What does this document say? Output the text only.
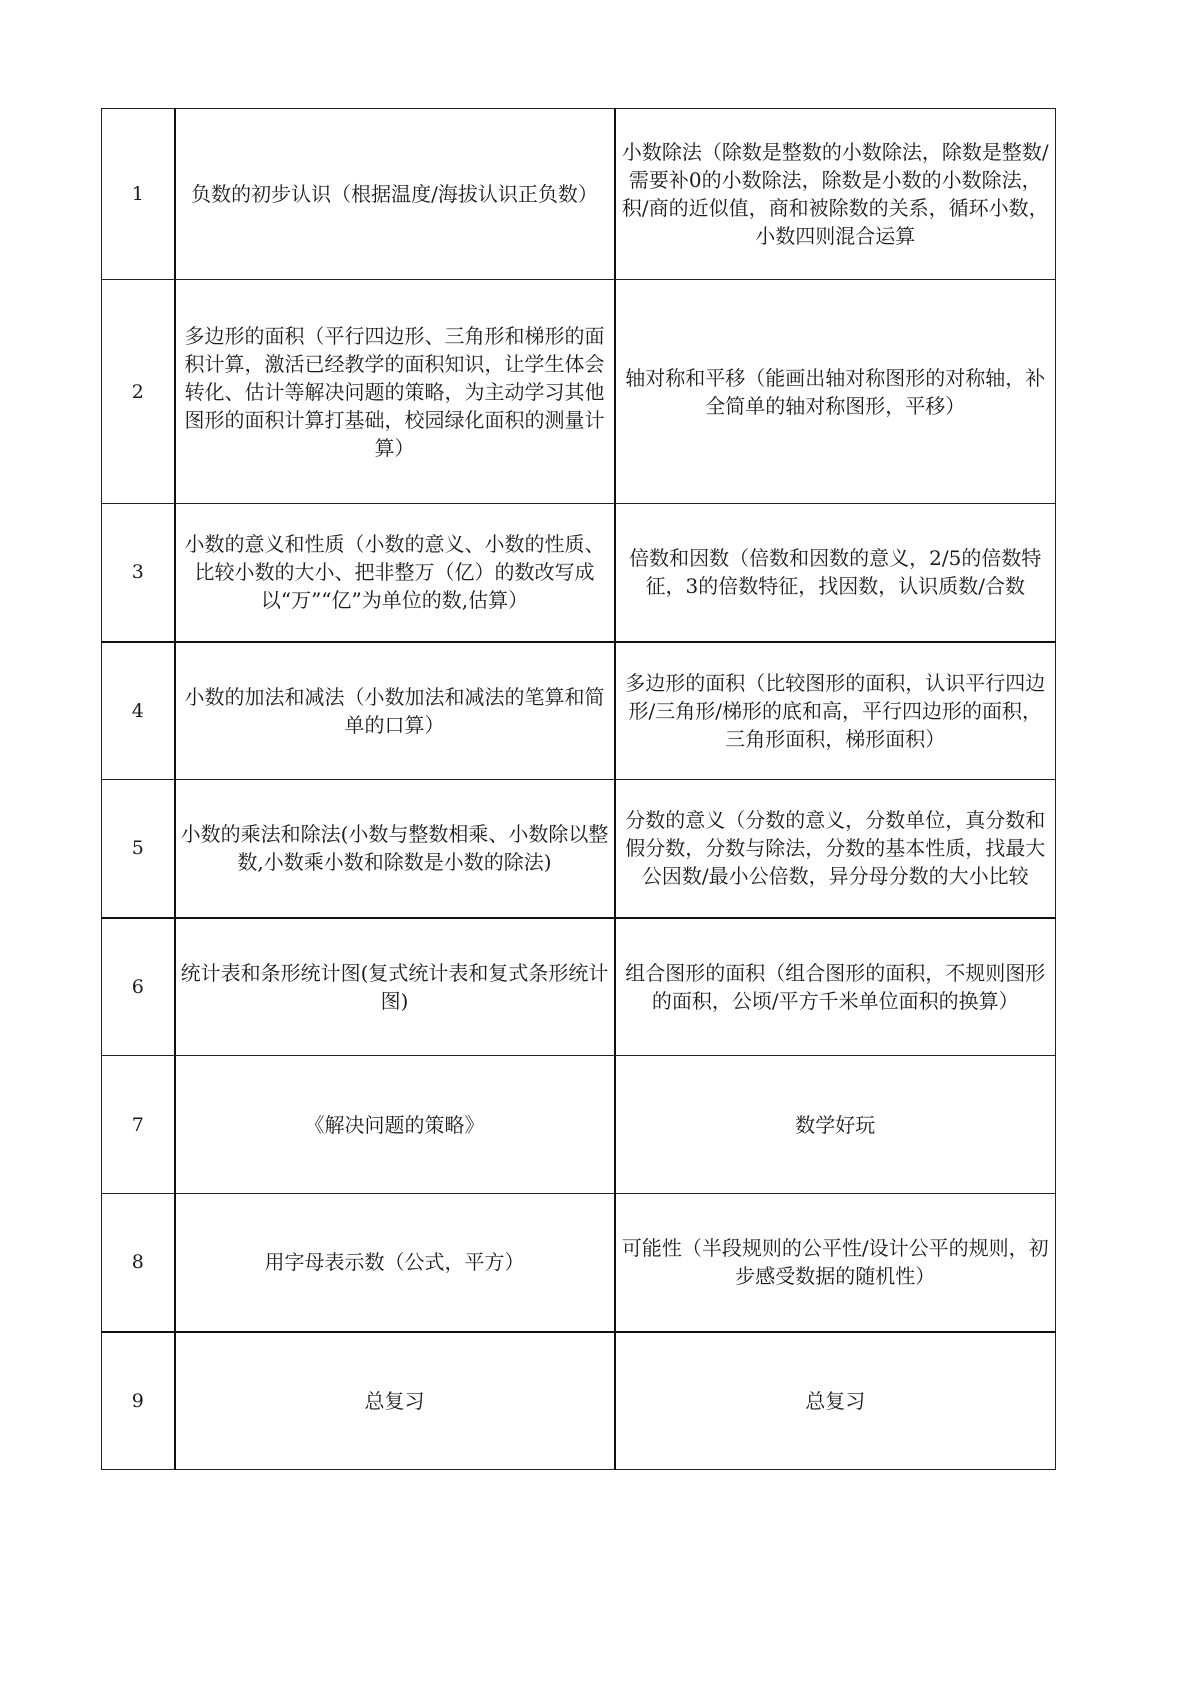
1	负数的初步认识（根据温度/海拔认识正负数）	小数除法（除数是整数的小数除法，除数是整数/需要补0的小数除法，除数是小数的小数除法，积/商的近似值，商和被除数的关系，循环小数，小数四则混合运算
2	多边形的面积（平行四边形、三角形和梯形的面积计算，激活已经教学的面积知识，让学生体会转化、估计等解决问题的策略，为主动学习其他图形的面积计算打基础，校园绿化面积的测量计算）	轴对称和平移（能画出轴对称图形的对称轴，补全简单的轴对称图形，平移）
3	小数的意义和性质（小数的意义、小数的性质、比较小数的大小、把非整万（亿）的数改写成以“万”“亿”为单位的数,估算）	倍数和因数（倍数和因数的意义，2/5的倍数特征，3的倍数特征，找因数，认识质数/合数
4	小数的加法和减法（小数加法和减法的笔算和简单的口算）	多边形的面积（比较图形的面积，认识平行四边形/三角形/梯形的底和高，平行四边形的面积，三角形面积，梯形面积）
5	小数的乘法和除法(小数与整数相乘、小数除以整数,小数乘小数和除数是小数的除法)	分数的意义（分数的意义，分数单位，真分数和假分数，分数与除法，分数的基本性质，找最大公因数/最小公倍数，异分母分数的大小比较
6	统计表和条形统计图(复式统计表和复式条形统计图)	组合图形的面积（组合图形的面积，不规则图形的面积，公顷/平方千米单位面积的换算）
7	《解决问题的策略》	数学好玩
8	用字母表示数（公式，平方）	可能性（半段规则的公平性/设计公平的规则，初步感受数据的随机性）
9	总复习	总复习
